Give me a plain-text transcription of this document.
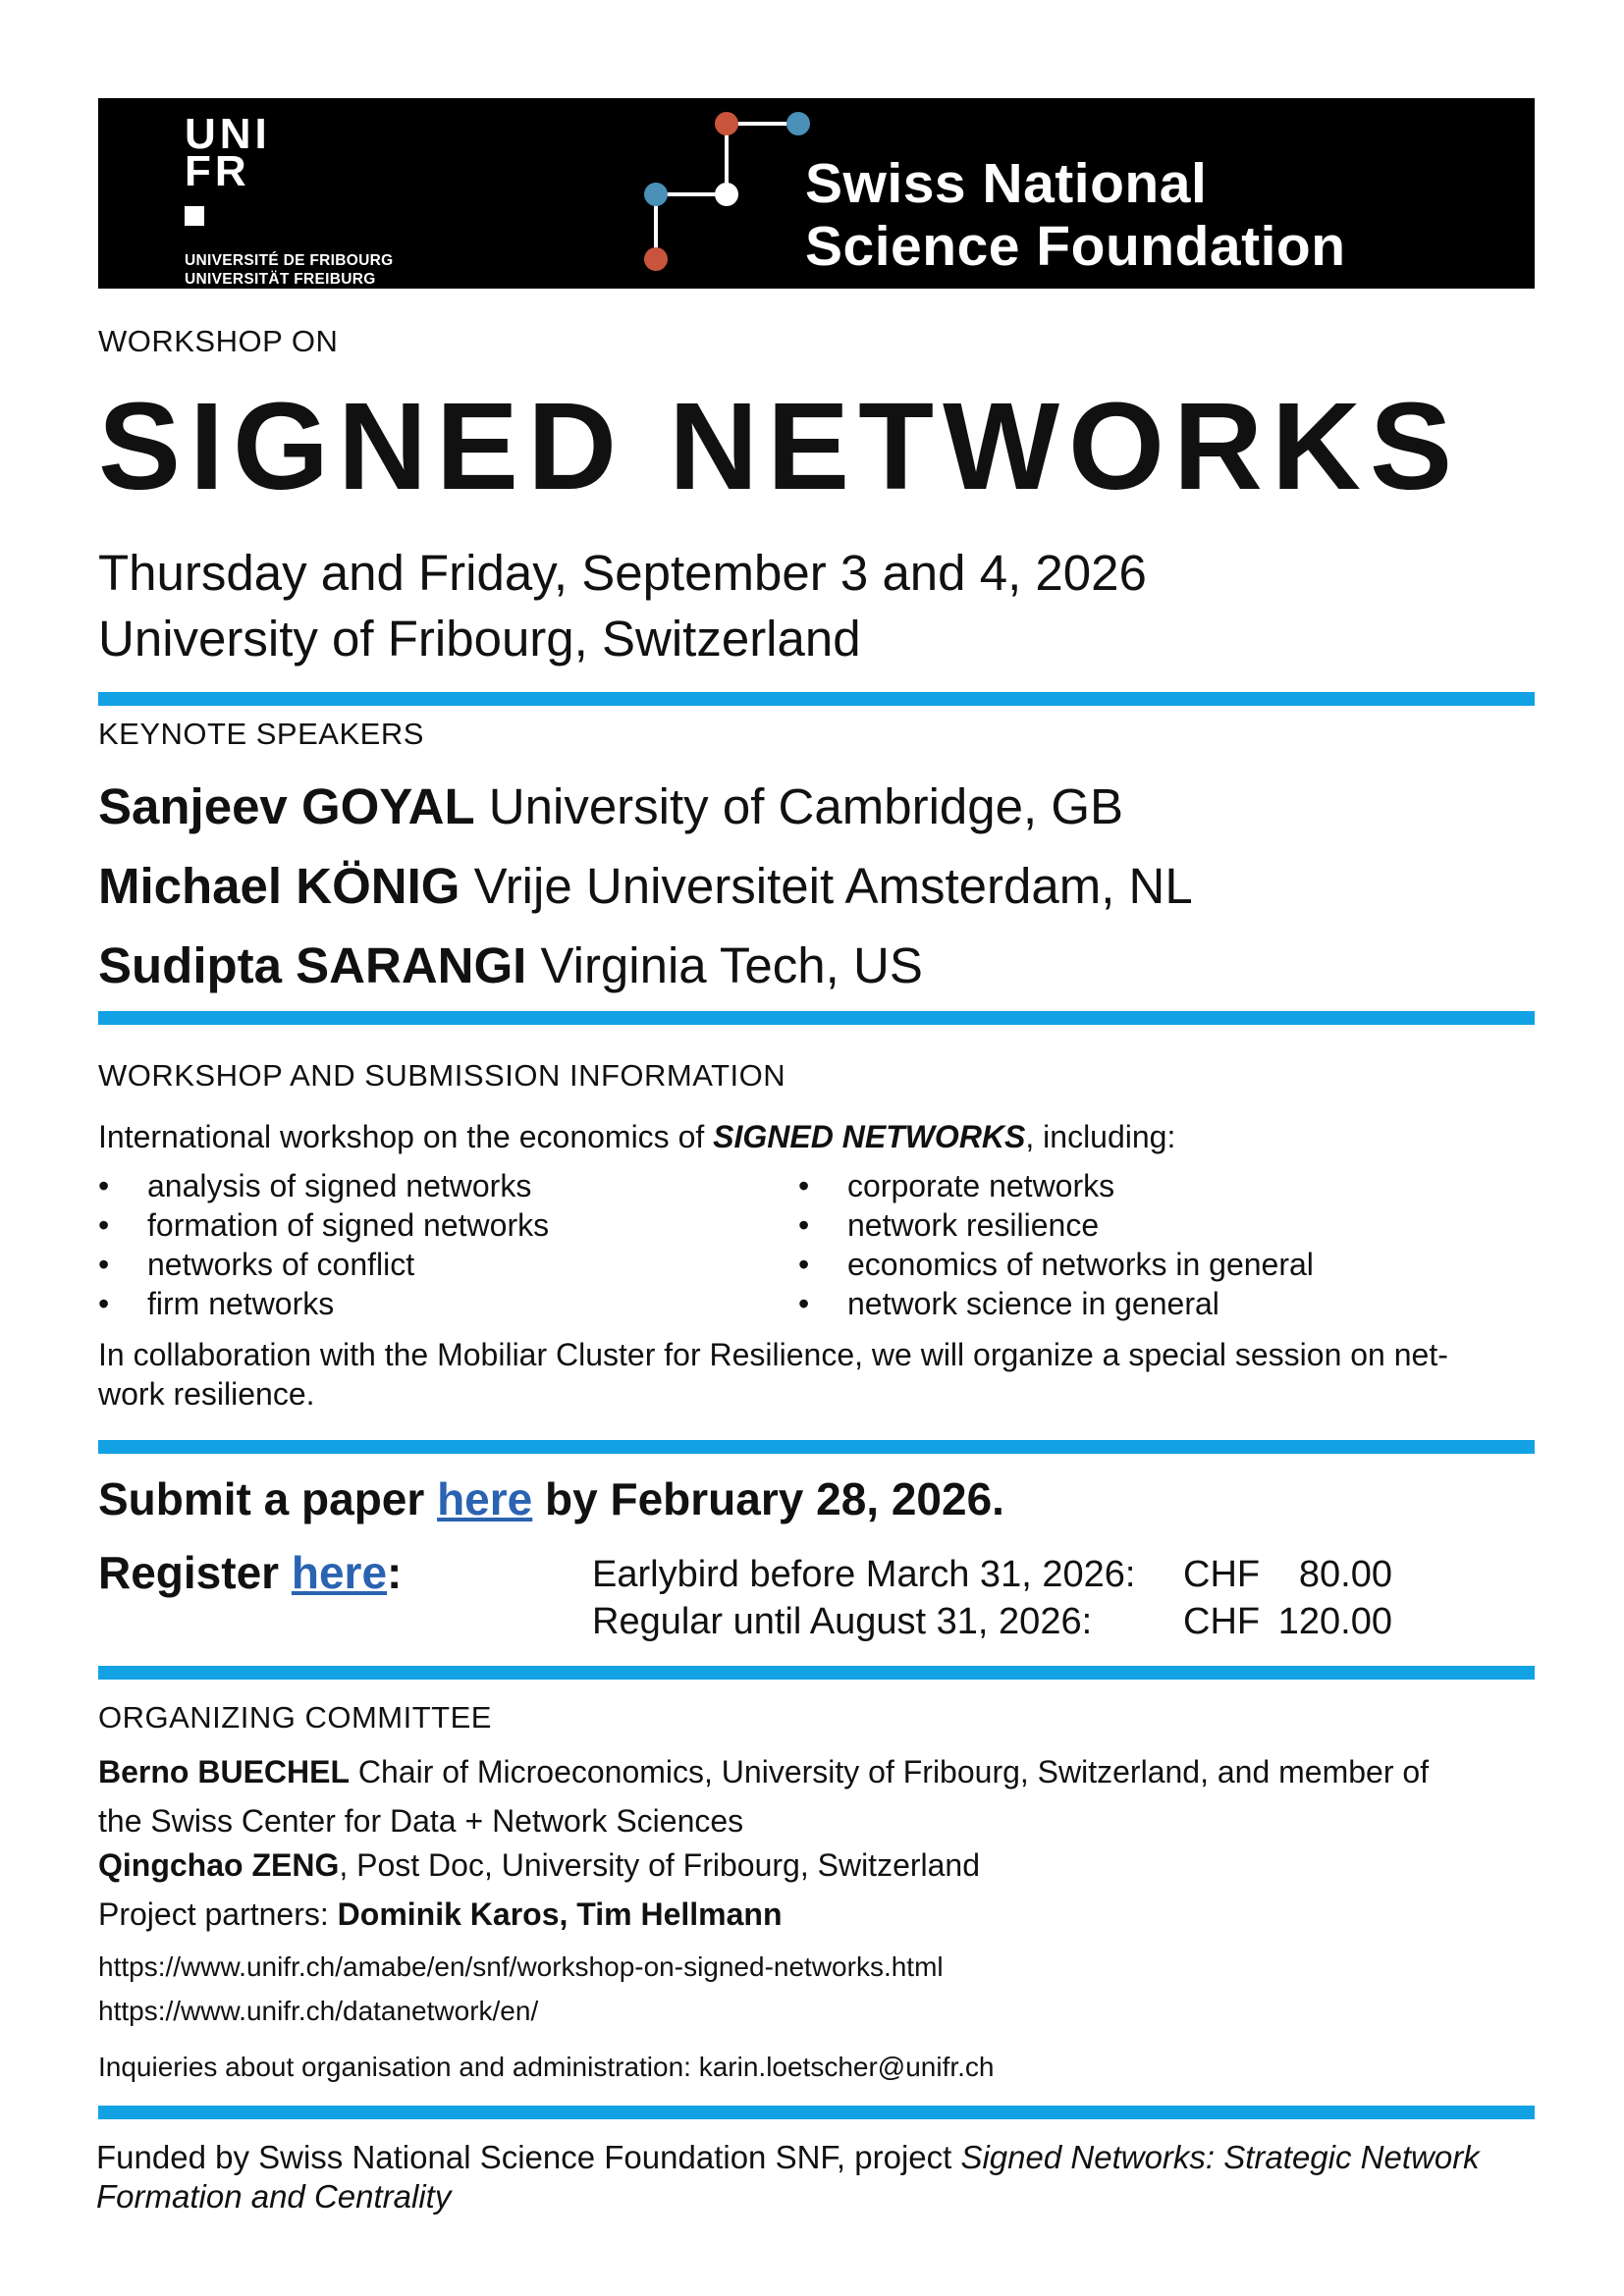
UNI
FR
UNIVERSITÉ DE FRIBOURG
UNIVERSITÄT FREIBURG
Swiss National
Science Foundation
WORKSHOP ON
SIGNED NETWORKS
Thursday and Friday, September 3 and 4, 2026
University of Fribourg, Switzerland
KEYNOTE SPEAKERS
Sanjeev GOYAL University of Cambridge, GB
Michael KÖNIG Vrije Universiteit Amsterdam, NL
Sudipta SARANGI Virginia Tech, US
WORKSHOP AND SUBMISSION INFORMATION
International workshop on the economics of SIGNED NETWORKS, including:
• analysis of signed networks
• formation of signed networks
• networks of conflict
• firm networks
• corporate networks
• network resilience
• economics of networks in general
• network science in general
In collaboration with the Mobiliar Cluster for Resilience, we will organize a special session on net-
work resilience.
Submit a paper here by February 28, 2026.
Register here:	Earlybird before March 31, 2026: CHF	80.00
Regular until August 31, 2026: CHF 120.00
ORGANIZING COMMITTEE
Berno BUECHEL Chair of Microeconomics, University of Fribourg, Switzerland, and member of
the Swiss Center for Data + Network Sciences
Qingchao ZENG, Post Doc, University of Fribourg, Switzerland
Project partners: Dominik Karos, Tim Hellmann
https://www.unifr.ch/amabe/en/snf/workshop-on-signed-networks.html
https://www.unifr.ch/datanetwork/en/
Inquieries about organisation and administration: karin.loetscher@unifr.ch
Funded by Swiss National Science Foundation SNF, project Signed Networks: Strategic Network
Formation and Centrality
